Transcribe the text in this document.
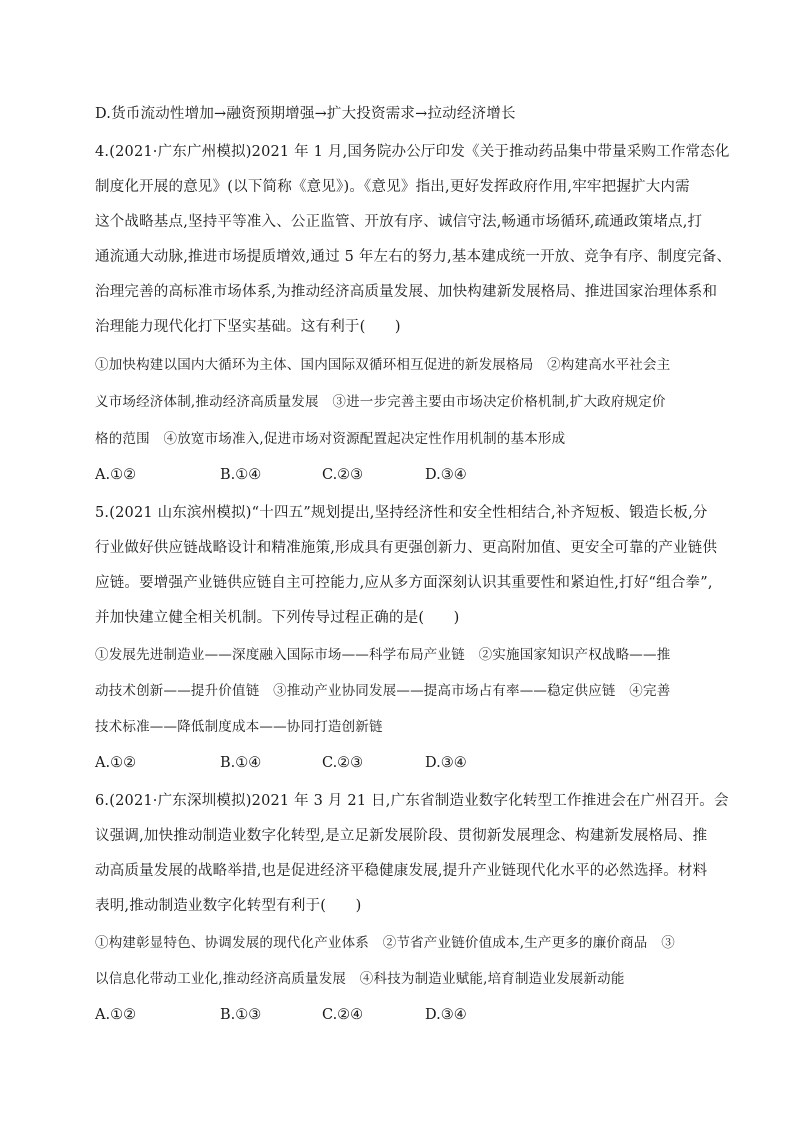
D.货币流动性增加→融资预期增强→扩大投资需求→拉动经济增长
4.(2021·广东广州模拟)2021 年 1 月,国务院办公厅印发《关于推动药品集中带量采购工作常态化
制度化开展的意见》(以下简称《意见》)。《意见》指出,更好发挥政府作用,牢牢把握扩大内需
这个战略基点,坚持平等准入、公正监管、开放有序、诚信守法,畅通市场循环,疏通政策堵点,打
通流通大动脉,推进市场提质增效,通过 5 年左右的努力,基本建成统一开放、竞争有序、制度完备、
治理完善的高标准市场体系,为推动经济高质量发展、加快构建新发展格局、推进国家治理体系和
治理能力现代化打下坚实基础。这有利于(　　)
①加快构建以国内大循环为主体、国内国际双循环相互促进的新发展格局　②构建高水平社会主
义市场经济体制,推动经济高质量发展　③进一步完善主要由市场决定价格机制,扩大政府规定价
格的范围　④放宽市场准入,促进市场对资源配置起决定性作用机制的基本形成
A.①②	B.①④	C.②③	D.③④
5.(2021 山东滨州模拟)“十四五”规划提出,坚持经济性和安全性相结合,补齐短板、锻造长板,分
行业做好供应链战略设计和精准施策,形成具有更强创新力、更高附加值、更安全可靠的产业链供
应链。要增强产业链供应链自主可控能力,应从多方面深刻认识其重要性和紧迫性,打好“组合拳”,
并加快建立健全相关机制。下列传导过程正确的是(　　)
①发展先进制造业——深度融入国际市场——科学布局产业链　②实施国家知识产权战略——推
动技术创新——提升价值链　③推动产业协同发展——提高市场占有率——稳定供应链　④完善
技术标准——降低制度成本——协同打造创新链
A.①②	B.①④	C.②③	D.③④
6.(2021·广东深圳模拟)2021 年 3 月 21 日,广东省制造业数字化转型工作推进会在广州召开。会
议强调,加快推动制造业数字化转型,是立足新发展阶段、贯彻新发展理念、构建新发展格局、推
动高质量发展的战略举措,也是促进经济平稳健康发展,提升产业链现代化水平的必然选择。材料
表明,推动制造业数字化转型有利于(　　)
①构建彰显特色、协调发展的现代化产业体系　②节省产业链价值成本,生产更多的廉价商品　③
以信息化带动工业化,推动经济高质量发展　④科技为制造业赋能,培育制造业发展新动能
A.①②	B.①③	C.②④	D.③④
